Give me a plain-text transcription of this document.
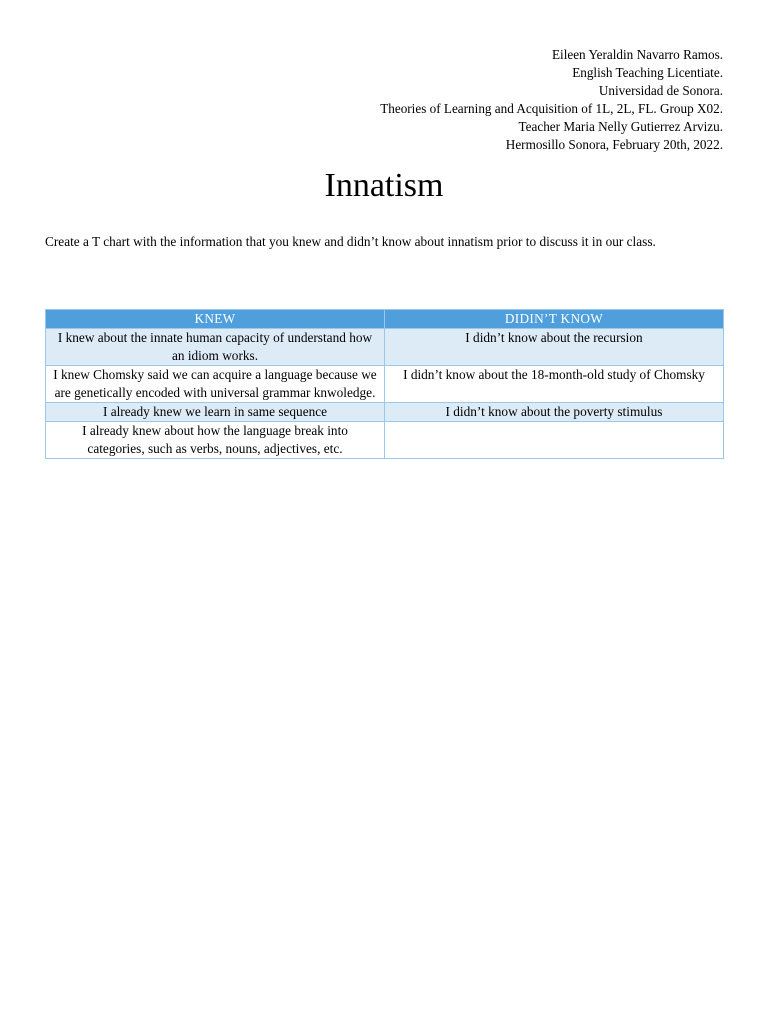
Eileen Yeraldin Navarro Ramos.
English Teaching Licentiate.
Universidad de Sonora.
Theories of Learning and Acquisition of 1L, 2L, FL. Group X02.
Teacher Maria Nelly Gutierrez Arvizu.
Hermosillo Sonora, February 20th, 2022.
Innatism

Create a T chart with the information that you knew and didn’t know about innatism prior to discuss it in our class.

KNEW	DIDIN’T KNOW
I knew about the innate human capacity of understand how an idiom works.	I didn’t know about the recursion
I knew Chomsky said we can acquire a language because we are genetically encoded with universal grammar knwoledge.	I didn’t know about the 18-month-old study of Chomsky
I already knew we learn in same sequence	I didn’t know about the poverty stimulus
I already knew about how the language break into categories, such as verbs, nouns, adjectives, etc.	
